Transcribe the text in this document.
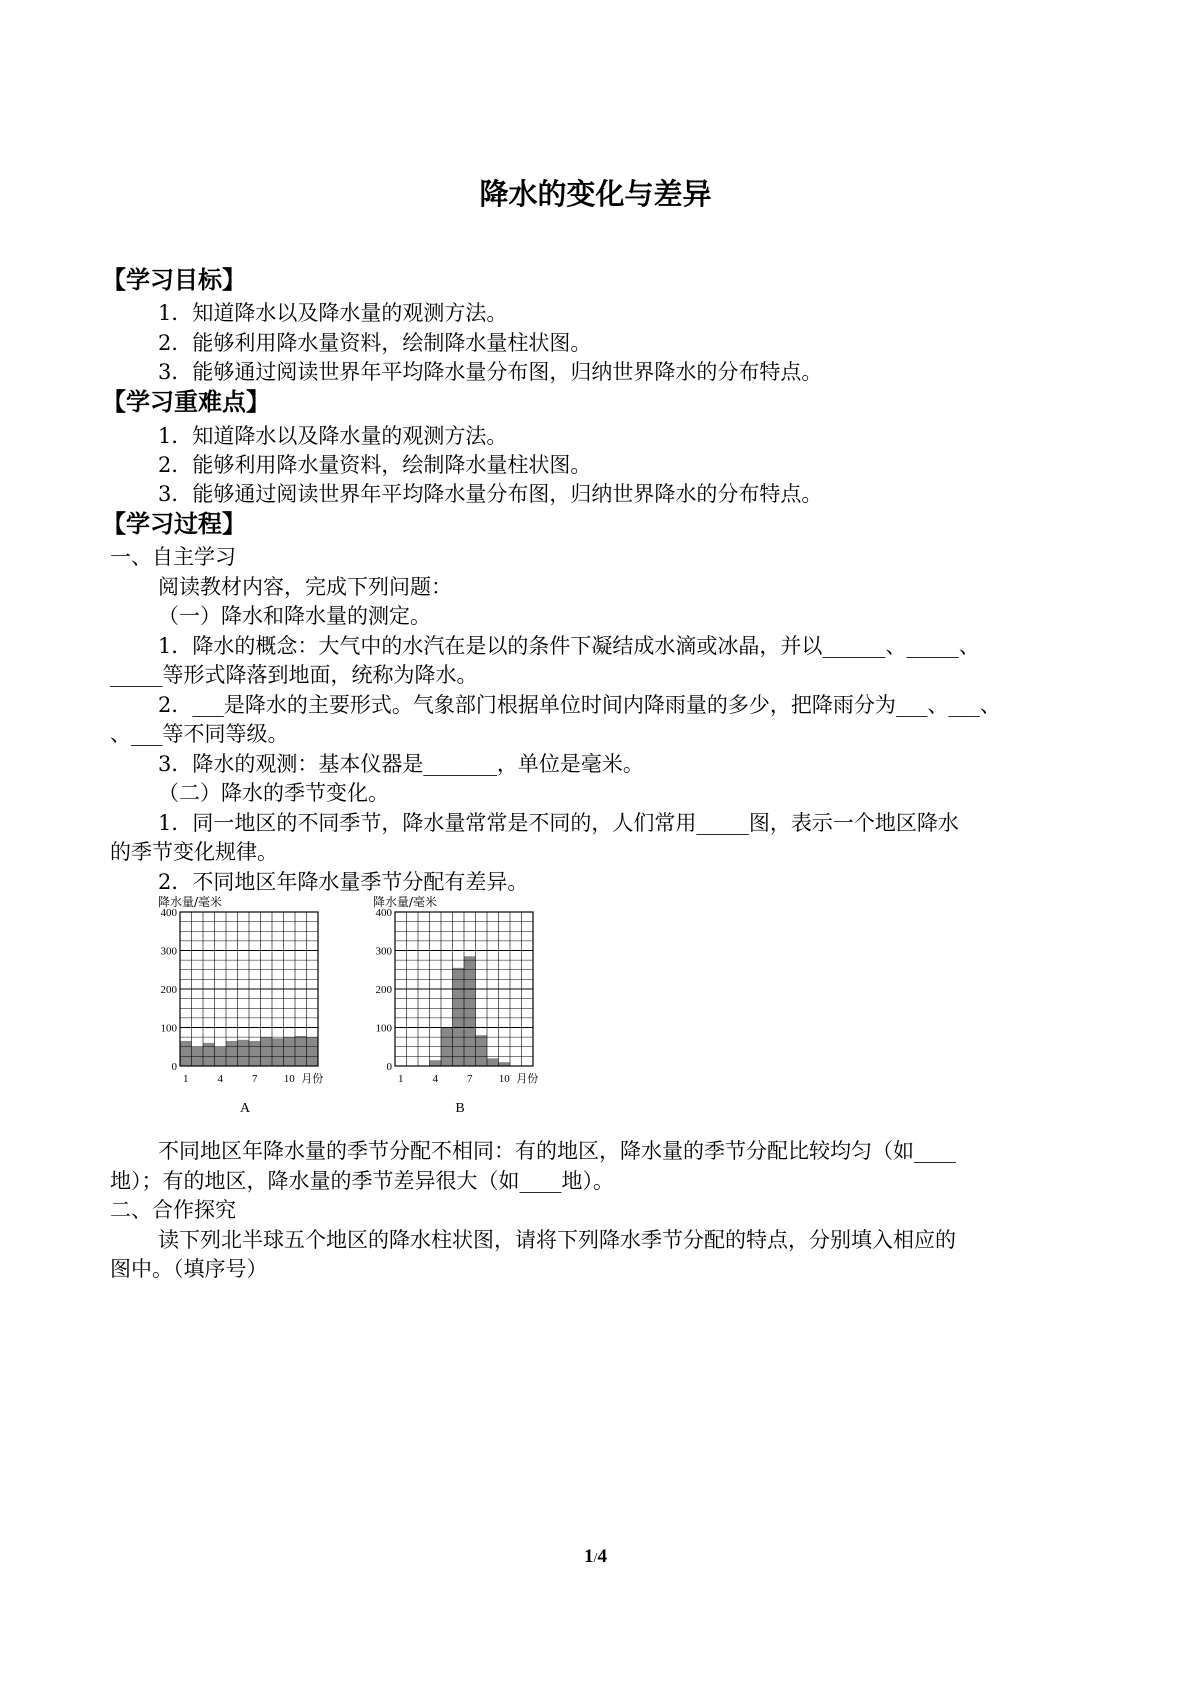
降水的变化与差异
【学习目标】
1．知道降水以及降水量的观测方法。
2．能够利用降水量资料，绘制降水量柱状图。
3．能够通过阅读世界年平均降水量分布图，归纳世界降水的分布特点。
【学习重难点】
1．知道降水以及降水量的观测方法。
2．能够利用降水量资料，绘制降水量柱状图。
3．能够通过阅读世界年平均降水量分布图，归纳世界降水的分布特点。
【学习过程】
一、自主学习
阅读教材内容，完成下列问题：
（一）降水和降水量的测定。
1．降水的概念：大气中的水汽在是以的条件下凝结成水滴或冰晶，并以______、_____、
_____等形式降落到地面，统称为降水。
2．___是降水的主要形式。气象部门根据单位时间内降雨量的多少，把降雨分为___、___、
、___等不同等级。
3．降水的观测：基本仪器是_______，单位是毫米。
（二）降水的季节变化。
1．同一地区的不同季节，降水量常常是不同的，人们常用_____图，表示一个地区降水
的季节变化规律。
2．不同地区年降水量季节分配有差异。
降水量/毫米
0
100
200
300
400
1	4	7 10 月份
A
降水量/毫米
0
100
200
300
400
1	4	7 10 月份
B
不同地区年降水量的季节分配不相同：有的地区，降水量的季节分配比较均匀（如____
地）；有的地区，降水量的季节差异很大（如____地）。
二、合作探究
读下列北半球五个地区的降水柱状图，请将下列降水季节分配的特点，分别填入相应的
图中。（填序号）
1/4
